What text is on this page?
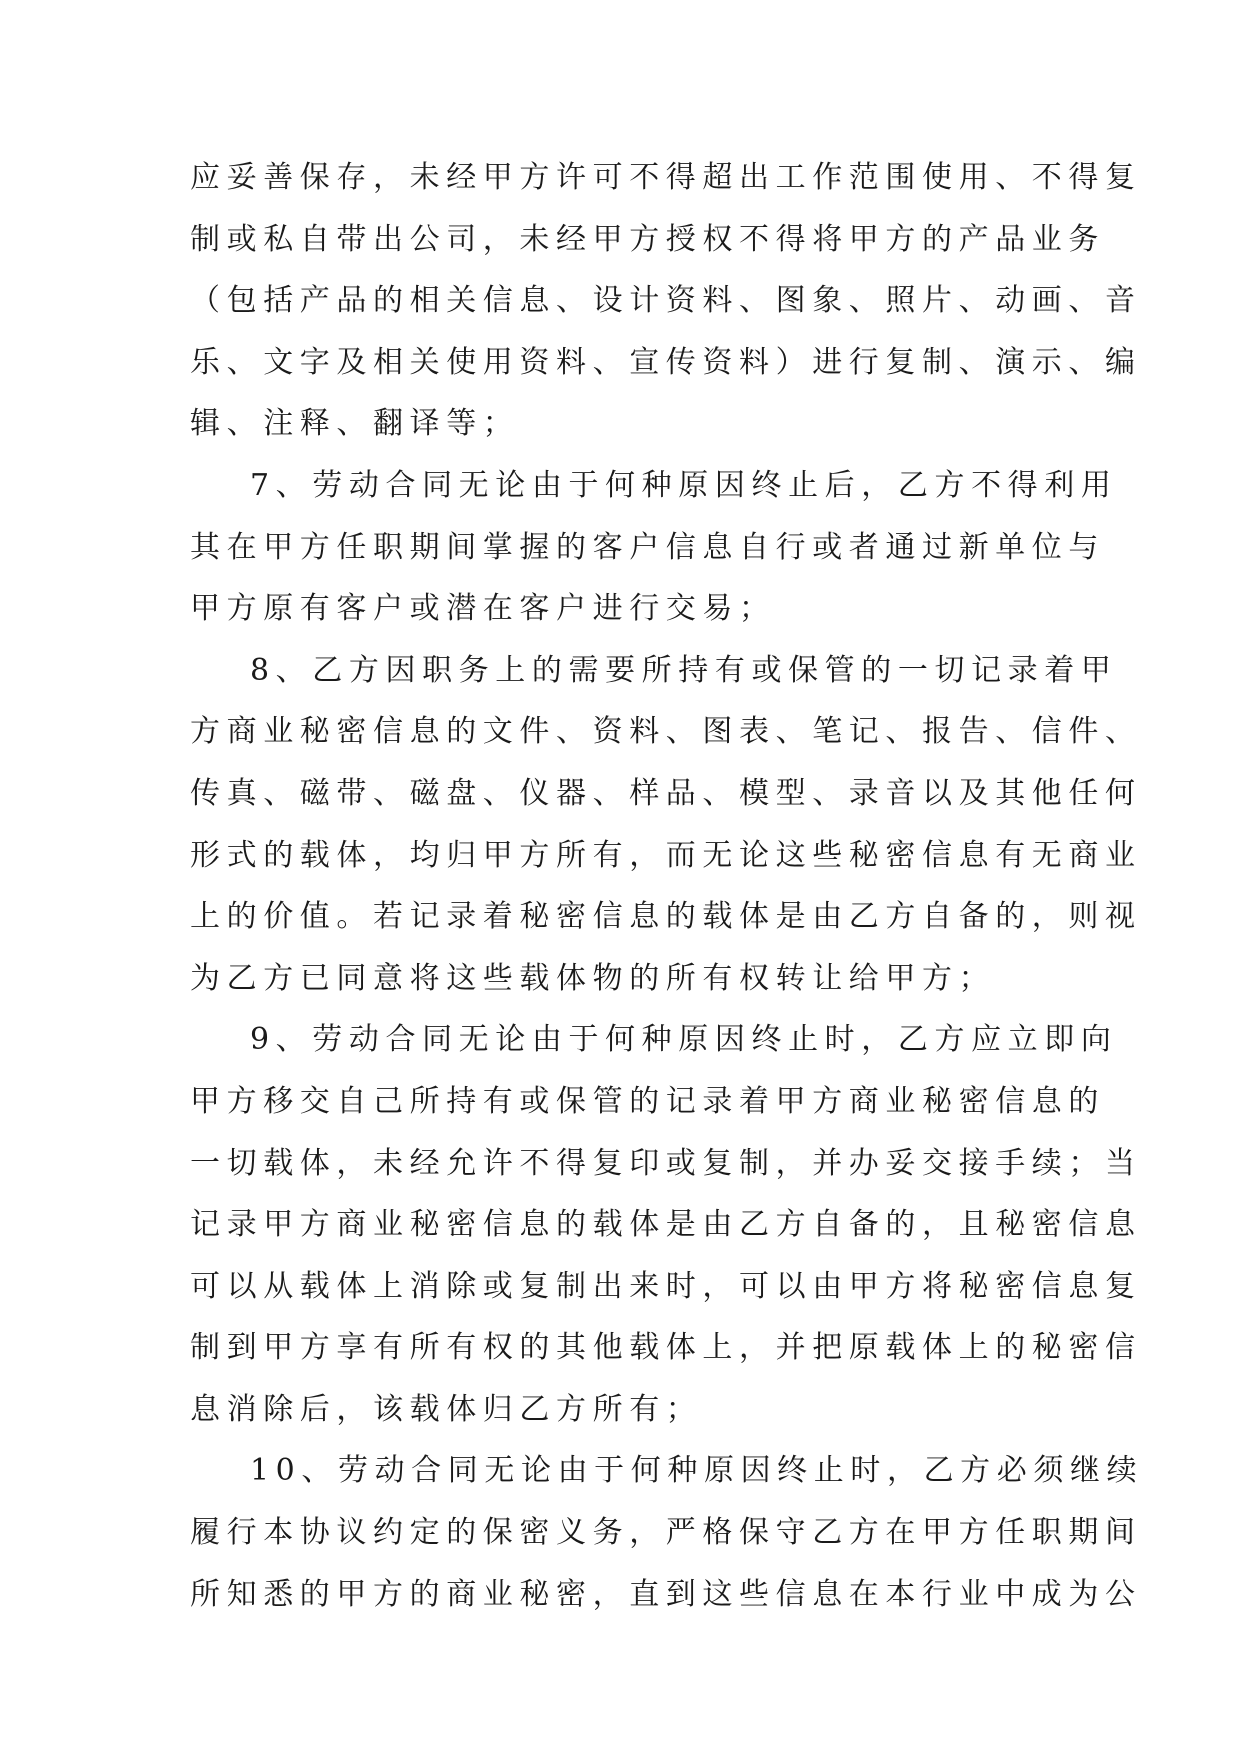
应妥善保存，未经甲方许可不得超出工作范围使用、不得复
制或私自带出公司，未经甲方授权不得将甲方的产品业务
（包括产品的相关信息、设计资料、图象、照片、动画、音
乐、文字及相关使用资料、宣传资料）进行复制、演示、编
辑、注释、翻译等；
7、劳动合同无论由于何种原因终止后，乙方不得利用
其在甲方任职期间掌握的客户信息自行或者通过新单位与
甲方原有客户或潜在客户进行交易；
8、乙方因职务上的需要所持有或保管的一切记录着甲
方商业秘密信息的文件、资料、图表、笔记、报告、信件、
传真、磁带、磁盘、仪器、样品、模型、录音以及其他任何
形式的载体，均归甲方所有，而无论这些秘密信息有无商业
上的价值。若记录着秘密信息的载体是由乙方自备的，则视
为乙方已同意将这些载体物的所有权转让给甲方；
9、劳动合同无论由于何种原因终止时，乙方应立即向
甲方移交自己所持有或保管的记录着甲方商业秘密信息的
一切载体，未经允许不得复印或复制，并办妥交接手续；当
记录甲方商业秘密信息的载体是由乙方自备的，且秘密信息
可以从载体上消除或复制出来时，可以由甲方将秘密信息复
制到甲方享有所有权的其他载体上，并把原载体上的秘密信
息消除后，该载体归乙方所有；
10、劳动合同无论由于何种原因终止时，乙方必须继续
履行本协议约定的保密义务，严格保守乙方在甲方任职期间
所知悉的甲方的商业秘密，直到这些信息在本行业中成为公
